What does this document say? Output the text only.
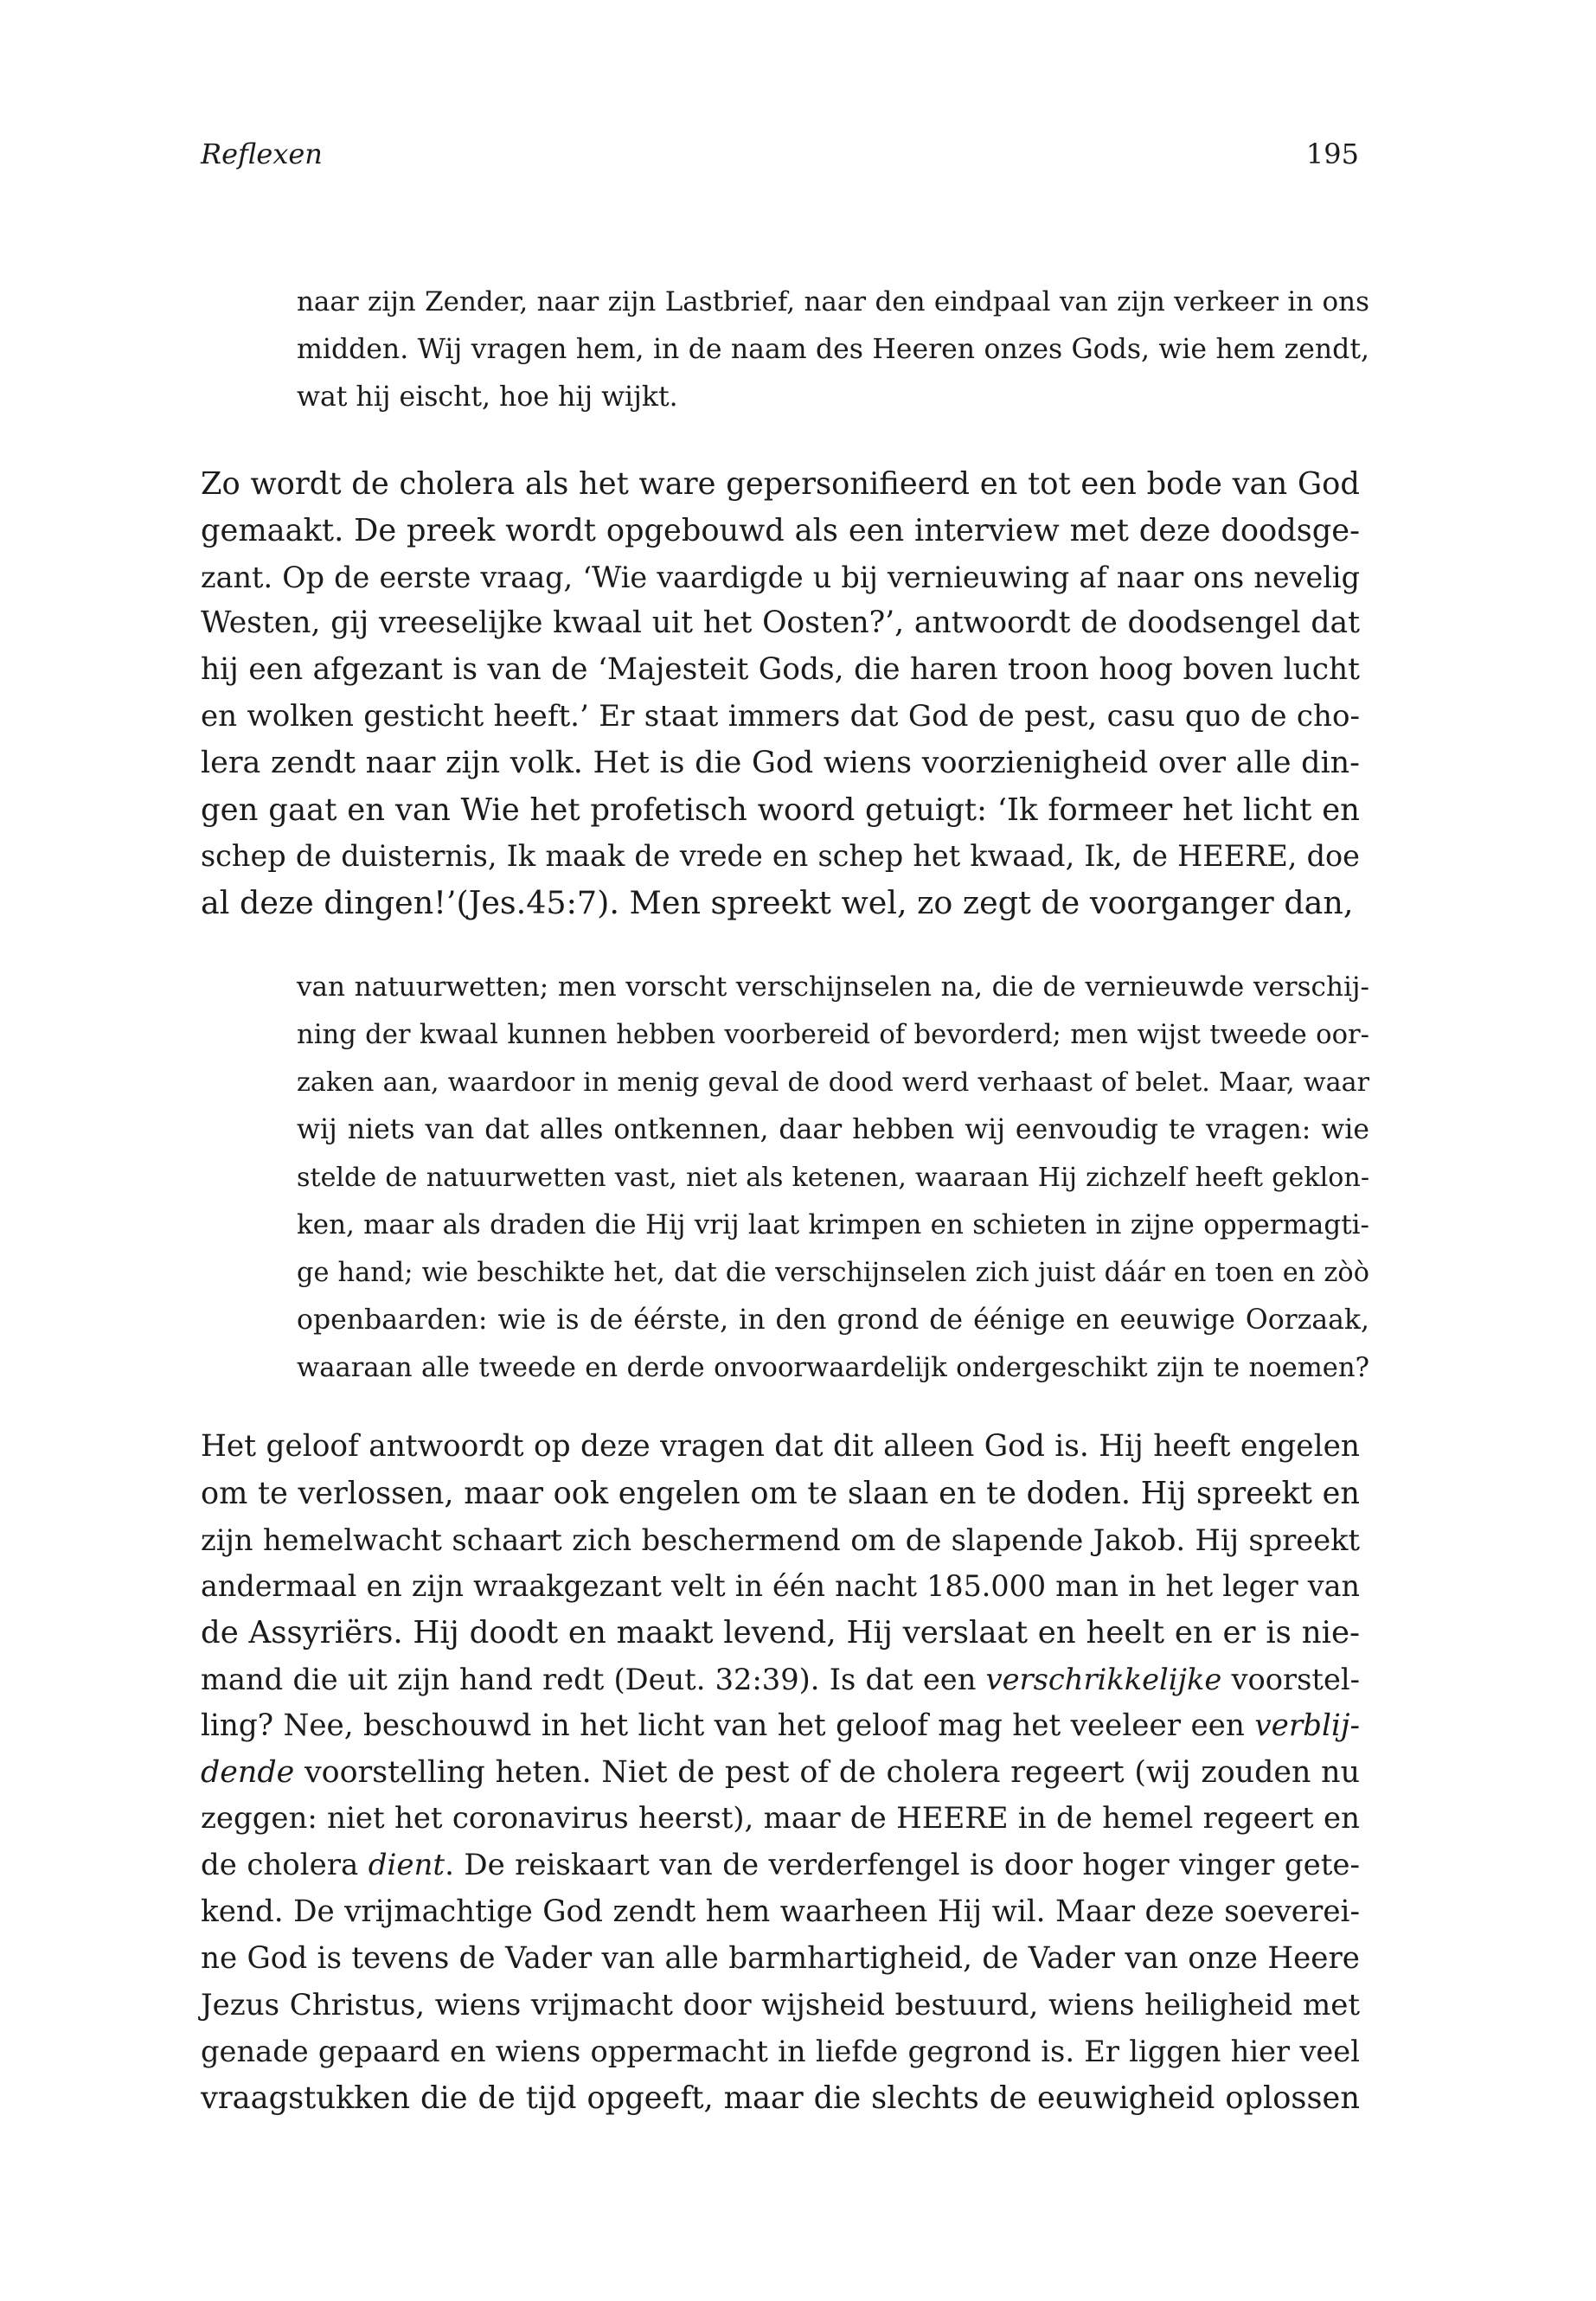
Reflexen	195
naar zijn Zender, naar zijn Lastbrief, naar den eindpaal van zijn verkeer in ons
midden. Wij vragen hem, in de naam des Heeren onzes Gods, wie hem zendt,
wat hij eischt, hoe hij wijkt.
Zo wordt de cholera als het ware gepersonifieerd en tot een bode van God
gemaakt. De preek wordt opgebouwd als een interview met deze doodsge-
zant. Op de eerste vraag, ‘Wie vaardigde u bij vernieuwing af naar ons nevelig
Westen, gij vreeselijke kwaal uit het Oosten?’, antwoordt de doodsengel dat
hij een afgezant is van de ‘Majesteit Gods, die haren troon hoog boven lucht
en wolken gesticht heeft.’ Er staat immers dat God de pest, casu quo de cho-
lera zendt naar zijn volk. Het is die God wiens voorzienigheid over alle din-
gen gaat en van Wie het profetisch woord getuigt: ‘Ik formeer het licht en
schep de duisternis, Ik maak de vrede en schep het kwaad, Ik, de HEERE, doe
al deze dingen!’(Jes.45:7). Men spreekt wel, zo zegt de voorganger dan,
van natuurwetten; men vorscht verschijnselen na, die de vernieuwde verschij-
ning der kwaal kunnen hebben voorbereid of bevorderd; men wijst tweede oor-
zaken aan, waardoor in menig geval de dood werd verhaast of belet. Maar, waar
wij niets van dat alles ontkennen, daar hebben wij eenvoudig te vragen: wie
stelde de natuurwetten vast, niet als ketenen, waaraan Hij zichzelf heeft geklon-
ken, maar als draden die Hij vrij laat krimpen en schieten in zijne oppermagti-
ge hand; wie beschikte het, dat die verschijnselen zich juist dáár en toen en zòò
openbaarden: wie is de éérste, in den grond de éénige en eeuwige Oorzaak,
waaraan alle tweede en derde onvoorwaardelijk ondergeschikt zijn te noemen?
Het geloof antwoordt op deze vragen dat dit alleen God is. Hij heeft engelen
om te verlossen, maar ook engelen om te slaan en te doden. Hij spreekt en
zijn hemelwacht schaart zich beschermend om de slapende Jakob. Hij spreekt
andermaal en zijn wraakgezant velt in één nacht 185.000 man in het leger van
de Assyriërs. Hij doodt en maakt levend, Hij verslaat en heelt en er is nie-
mand die uit zijn hand redt (Deut. 32:39). Is dat een verschrikkelijke voorstel-
ling? Nee, beschouwd in het licht van het geloof mag het veeleer een verblij-
dende voorstelling heten. Niet de pest of de cholera regeert (wij zouden nu
zeggen: niet het coronavirus heerst), maar de HEERE in de hemel regeert en
de cholera dient. De reiskaart van de verderfengel is door hoger vinger gete-
kend. De vrijmachtige God zendt hem waarheen Hij wil. Maar deze soeverei-
ne God is tevens de Vader van alle barmhartigheid, de Vader van onze Heere
Jezus Christus, wiens vrijmacht door wijsheid bestuurd, wiens heiligheid met
genade gepaard en wiens oppermacht in liefde gegrond is. Er liggen hier veel
vraagstukken die de tijd opgeeft, maar die slechts de eeuwigheid oplossen
